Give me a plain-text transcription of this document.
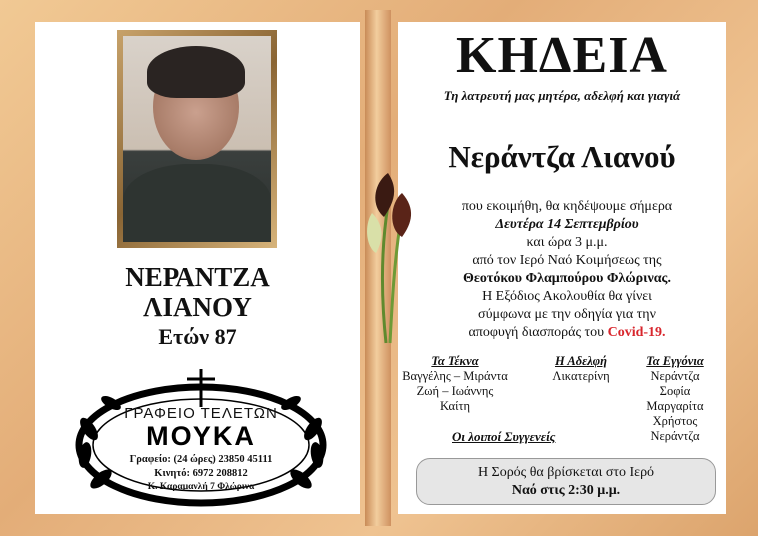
ΝΕΡΑΝΤΖΑ
ΛΙΑΝΟΥ
Ετών 87
ΓΡΑΦΕΙΟ ΤΕΛΕΤΩΝ
ΜΟΥΚΑ
Γραφείο: (24 ώρες) 23850 45111
Κινητό: 6972 208812
Κ. Καραμανλή 7 Φλώρινα
ΚΗΔΕΙΑ
Τη λατρευτή μας μητέρα, αδελφή και γιαγιά
Νεράντζα Λιανού
που εκοιμήθη, θα κηδέψουμε σήμερα
Δευτέρα 14 Σεπτεμβρίου
και ώρα 3 μ.μ.
από τον Ιερό Ναό Κοιμήσεως της
Θεοτόκου Φλαμπούρου Φλώρινας.
Η Εξόδιος Ακολουθία θα γίνει
σύμφωνα με την οδηγία για την
αποφυγή διασποράς του Covid-19.
Τα Τέκνα
Βαγγέλης – Μιράντα
Ζωή – Ιωάννης
Καίτη
Η Αδελφή
Λικατερίνη
Τα Εγγόνια
Νεράντζα
Σοφία
Μαργαρίτα
Χρήστος
Νεράντζα
Οι λοιποί Συγγενείς
Η Σορός θα βρίσκεται στο Ιερό
Ναό στις 2:30 μ.μ.
